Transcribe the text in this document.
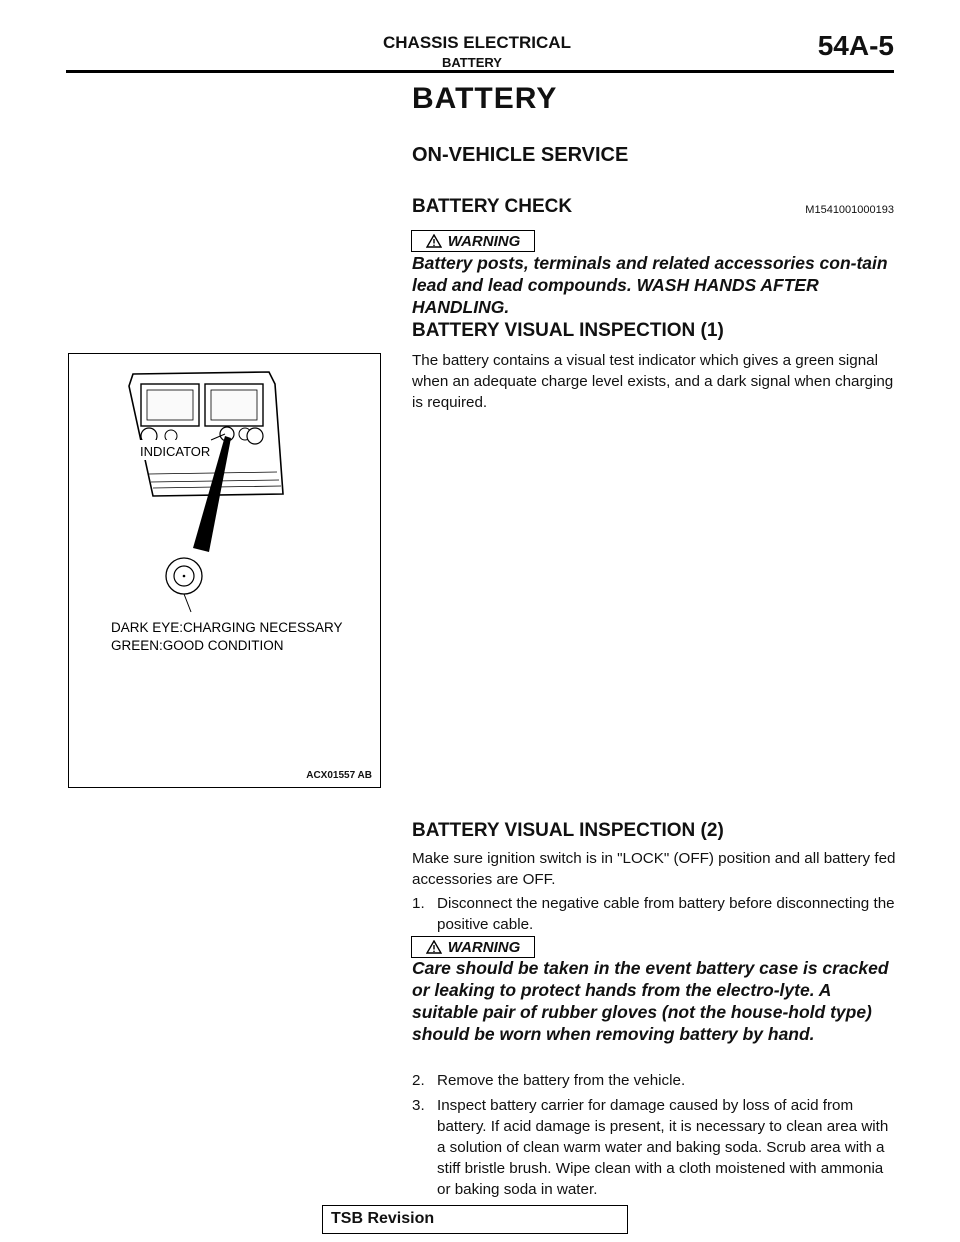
CHASSIS ELECTRICAL
BATTERY
54A-5
BATTERY
ON-VEHICLE SERVICE
BATTERY CHECK	M1541001000193
WARNING
Battery posts, terminals and related accessories con-tain lead and lead compounds. WASH HANDS AFTER HANDLING.
BATTERY VISUAL INSPECTION (1)
The battery contains a visual test indicator which gives a green signal when an adequate charge level exists, and a dark signal when charging is required.
INDICATOR
DARK EYE:CHARGING NECESSARY
GREEN:GOOD CONDITION
ACX01557 AB
BATTERY VISUAL INSPECTION (2)
Make sure ignition switch is in "LOCK" (OFF) position and all battery fed accessories are OFF.
1. Disconnect the negative cable from battery before disconnecting the positive cable.
WARNING
Care should be taken in the event battery case is cracked or leaking to protect hands from the electro-lyte. A suitable pair of rubber gloves (not the house-hold type) should be worn when removing battery by hand.
2. Remove the battery from the vehicle.
3. Inspect battery carrier for damage caused by loss of acid from battery. If acid damage is present, it is necessary to clean area with a solution of clean warm water and baking soda. Scrub area with a stiff bristle brush. Wipe clean with a cloth moistened with ammonia or baking soda in water.
TSB Revision
